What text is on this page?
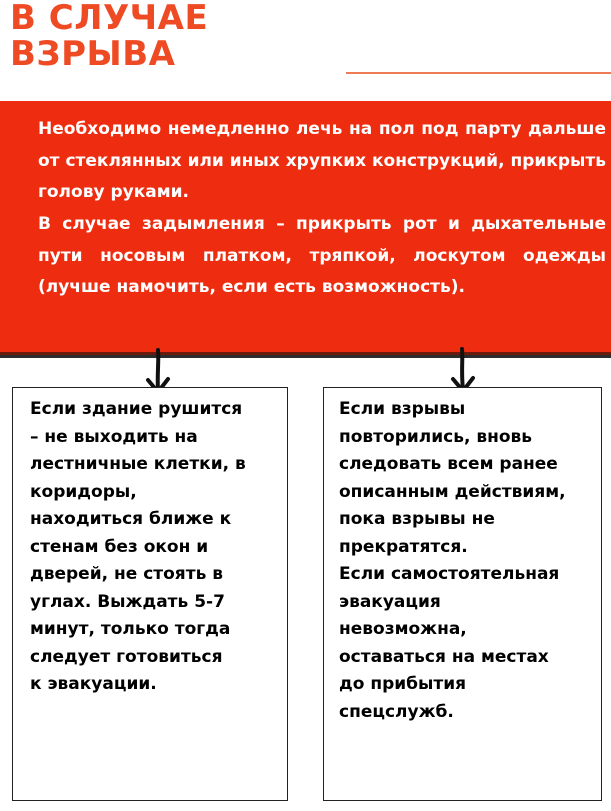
В СЛУЧАЕ
ВЗРЫВА

Необходимо немедленно лечь на пол под парту дальше от стеклянных или иных хрупких конструкций, прикрыть голову руками.

В случае задымления – прикрыть рот и дыхательные пути носовым платком, тряпкой, лоскутом одежды (лучше намочить, если есть возможность).

Если здание рушится
– не выходить на
лестничные клетки, в
коридоры,
находиться ближе к
стенам без окон и
дверей, не стоять в
углах. Выждать 5-7
минут, только тогда
следует готовиться
к эвакуации.

Если взрывы
повторились, вновь
следовать всем ранее
описанным действиям,
пока взрывы не
прекратятся.
Если самостоятельная
эвакуация
невозможна,
оставаться на местах
до прибытия
спецслужб.
